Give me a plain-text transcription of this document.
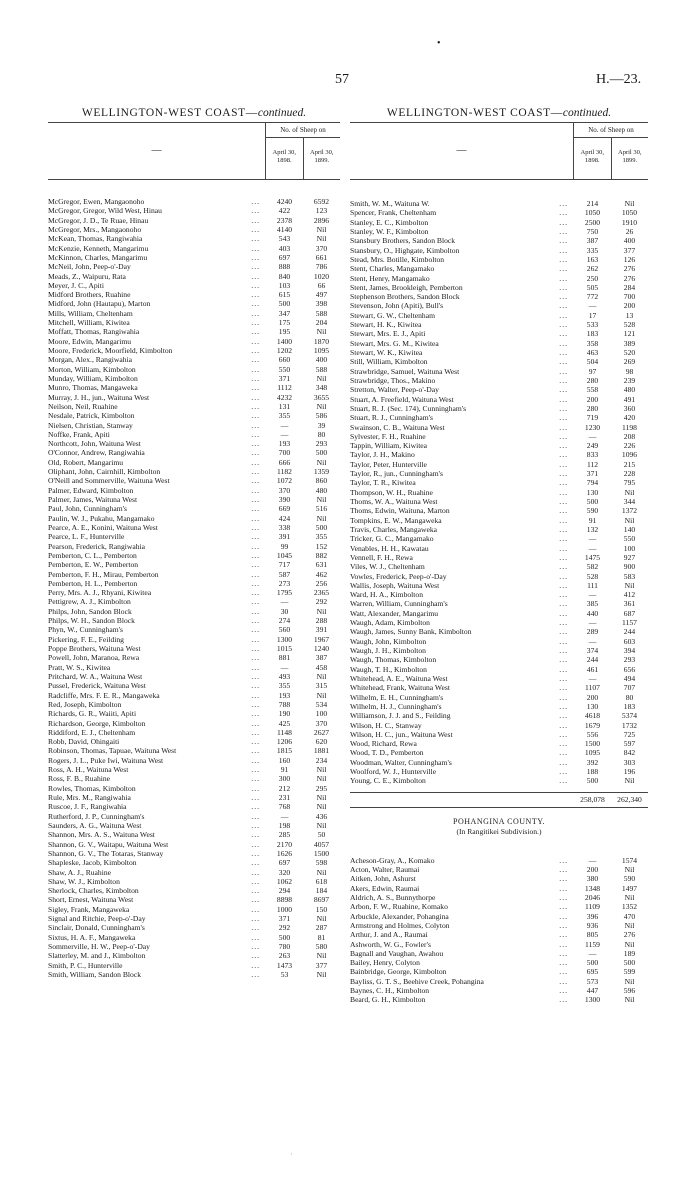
•
57	H.—23.
WELLINGTON-WEST COAST—continued.
—
No. of Sheep on
April 30, 1898.
April 30, 1899.
McGregor, Ewen, Mangaonoho	...	4240	6592
McGregor, Gregor, Wild West, Hinau	...	422	123
McGregor, J. D., Te Ruae, Hinau	...	2378	2896
McGregor, Mrs., Mangaonoho	...	4140	Nil
McKean, Thomas, Rangiwahia	...	543	Nil
McKenzie, Kenneth, Mangarimu	...	403	370
McKinnon, Charles, Mangarimu	...	697	661
McNeil, John, Peep-o'-Day	...	888	786
Meads, Z., Waipuru, Rata	...	840	1020
Meyer, J. C., Apiti	...	103	66
Midford Brothers, Ruahine	...	615	497
Midford, John (Hautapu), Marton	...	500	398
Mills, William, Cheltenham	...	347	588
Mitchell, William, Kiwitea	...	175	204
Moffatt, Thomas, Rangiwahia	...	195	Nil
Moore, Edwin, Mangarimu	...	1400	1870
Moore, Frederick, Moorfield, Kimbolton	...	1202	1095
Morgan, Alex., Rangiwahia	...	660	400
Morton, William, Kimbolton	...	550	588
Munday, William, Kimbolton	...	371	Nil
Munro, Thomas, Mangaweka	...	1112	348
Murray, J. H., jun., Waituna West	...	4232	3655
Neilson, Neil, Ruahine	...	131	Nil
Nesdale, Patrick, Kimbolton	...	355	586
Nielsen, Christian, Stanway	...	—	39
Noffke, Frank, Apiti	...	—	80
Northcott, John, Waituna West	...	193	293
O'Connor, Andrew, Rangiwahia	...	700	500
Old, Robert, Mangarimu	...	666	Nil
Oliphant, John, Cairnhill, Kimbolton	...	1182	1359
O'Neill and Sommerville, Waituna West	...	1072	860
Palmer, Edward, Kimbolton	...	370	480
Palmer, James, Waituna West	...	390	Nil
Paul, John, Cunningham's	...	669	516
Paulin, W. J., Pukahu, Mangamako	...	424	Nil
Pearce, A. E., Konini, Waituna West	...	338	500
Pearce, L. F., Hunterville	...	391	355
Pearson, Frederick, Rangiwahia	...	99	152
Pemberton, C. L., Pemberton	...	1045	882
Pemberton, E. W., Pemberton	...	717	631
Pemberton, F. H., Mirau, Pemberton	...	587	462
Pemberton, H. L., Pemberton	...	273	256
Perry, Mrs. A. J., Rhyani, Kiwitea	...	1795	2365
Pettigrew, A. J., Kimbolton	...	—	292
Philps, John, Sandon Block	...	30	Nil
Philps, W. H., Sandon Block	...	274	288
Phyn, W., Cunningham's	...	560	391
Pickering, F. E., Feilding	...	1300	1967
Poppe Brothers, Waituna West	...	1015	1240
Powell, John, Maranoa, Rewa	...	881	387
Pratt, W. S., Kiwitea	...	—	458
Pritchard, W. A., Waituna West	...	493	Nil
Pussel, Frederick, Waituna West	...	355	315
Radcliffe, Mrs. F. E. R., Mangaweka	...	193	Nil
Red, Joseph, Kimbolton	...	788	534
Richards, G. R., Waiiti, Apiti	...	190	100
Richardson, George, Kimbolton	...	425	370
Riddiford, E. J., Cheltenham	...	1148	2627
Robb, David, Ohingaiti	...	1206	620
Robinson, Thomas, Tapuae, Waituna West	...	1815	1881
Rogers, J. L., Puke Iwi, Waituna West	...	160	234
Ross, A. H., Waituna West	...	91	Nil
Ross, F. B., Ruahine	...	300	Nil
Rowles, Thomas, Kimbolton	...	212	295
Rule, Mrs. M., Rangiwahia	...	231	Nil
Ruscoe, J. F., Rangiwahia	...	768	Nil
Rutherford, J. P., Cunningham's	...	—	436
Saunders, A. G., Waituna West	...	198	Nil
Shannon, Mrs. A. S., Waituna West	...	285	50
Shannon, G. V., Waitapu, Waituna West	...	2170	4057
Shannon, G. V., The Totaras, Stanway	...	1626	1500
Shapleske, Jacob, Kimbolton	...	697	598
Shaw, A. J., Ruahine	...	320	Nil
Shaw, W. J., Kimbolton	...	1062	618
Sherlock, Charles, Kimbolton	...	294	184
Short, Ernest, Waituna West	...	8898	8697
Sigley, Frank, Mangaweka	...	1000	150
Signal and Ritchie, Peep-o'-Day	...	371	Nil
Sinclair, Donald, Cunningham's	...	292	287
Sixtus, H. A. F., Mangaweka	...	500	81
Sommerville, H. W., Peep-o'-Day	...	780	580
Slatterley, M. and J., Kimbolton	...	263	Nil
Smith, P. C., Hunterville	...	1473	377
Smith, William, Sandon Block	...	53	Nil
WELLINGTON-WEST COAST—continued.
—
No. of Sheep on
April 30, 1898.
April 30, 1899.
Smith, W. M., Waituna W.	...	214	Nil
Spencer, Frank, Cheltenham	...	1050	1050
Stanley, E. C., Kimbolton	...	2500	1910
Stanley, W. F., Kimbolton	...	750	26
Stansbury Brothers, Sandon Block	...	387	400
Stansbury, O., Highgate, Kimbolton	...	335	377
Stead, Mrs. Botille, Kimbolton	...	163	126
Stent, Charles, Mangamako	...	262	276
Stent, Henry, Mangamako	...	250	276
Stent, James, Brookleigh, Pemberton	...	505	284
Stephenson Brothers, Sandon Block	...	772	700
Stevenson, John (Apiti), Bull's	...	—	200
Stewart, G. W., Cheltenham	...	17	13
Stewart, H. K., Kiwitea	...	533	528
Stewart, Mrs. E. J., Apiti	...	183	121
Stewart, Mrs. G. M., Kiwitea	...	358	389
Stewart, W. K., Kiwitea	...	463	520
Still, William, Kimbolton	...	504	269
Strawbridge, Samuel, Waituna West	...	97	98
Strawbridge, Thos., Makino	...	280	239
Stretton, Walter, Peep-o'-Day	...	558	480
Stuart, A. Freefield, Waituna West	...	200	491
Stuart, R. J. (Sec. 174), Cunningham's	...	280	360
Stuart, R. J., Cunningham's	...	719	420
Swainson, C. B., Waituna West	...	1230	1198
Sylvester, F. H., Ruahine	...	—	208
Tappin, William, Kiwitea	...	249	226
Taylor, J. H., Makino	...	833	1096
Taylor, Peter, Hunterville	...	112	215
Taylor, R., jun., Cunningham's	...	371	228
Taylor, T. R., Kiwitea	...	794	795
Thompson, W. H., Ruahine	...	130	Nil
Thoms, W. A., Waituna West	...	500	344
Thoms, Edwin, Waituna, Marton	...	590	1372
Tompkins, E. W., Mangaweka	...	91	Nil
Travis, Charles, Mangaweka	...	132	140
Tricker, G. C., Mangamako	...	—	550
Venables, H. H., Kawatau	...	—	100
Vennell, F. H., Rewa	...	1475	927
Viles, W. J., Cheltenham	...	582	900
Vowles, Frederick, Peep-o'-Day	...	528	583
Wallis, Joseph, Waituna West	...	111	Nil
Ward, H. A., Kimbolton	...	—	412
Warren, William, Cunningham's	...	385	361
Watt, Alexander, Mangarimu	...	440	687
Waugh, Adam, Kimbolton	...	—	1157
Waugh, James, Sunny Bank, Kimbolton	...	289	244
Waugh, John, Kimbolton	...	—	603
Waugh, J. H., Kimbolton	...	374	394
Waugh, Thomas, Kimbolton	...	244	293
Waugh, T. H., Kimbolton	...	461	656
Whitehead, A. E., Waituna West	...	—	494
Whitehead, Frank, Waituna West	...	1107	707
Wilhelm, E. H., Cunningham's	...	200	80
Wilhelm, H. J., Cunningham's	...	130	183
Williamson, J. J. and S., Feilding	...	4618	5374
Wilson, H. C., Stanway	...	1679	1732
Wilson, H. C., jun., Waituna West	...	556	725
Wood, Richard, Rewa	...	1500	597
Wood, T. D., Pemberton	...	1095	842
Woodman, Walter, Cunningham's	...	392	303
Woolford, W. J., Hunterville	...	188	196
Young, C. E., Kimbolton	...	500	Nil
258,078	262,340
POHANGINA COUNTY.
(In Rangitikei Subdivision.)
Acheson-Gray, A., Komako	...	—	1574
Acton, Walter, Raumai	...	200	Nil
Aitken, John, Ashurst	...	380	590
Akers, Edwin, Raumai	...	1348	1497
Aldrich, A. S., Bunnythorpe	...	2046	Nil
Arbon, F. W., Ruahine, Komako	...	1109	1352
Arbuckle, Alexander, Pohangina	...	396	470
Armstrong and Holmes, Colyton	...	936	Nil
Arthur, J. and A., Raumai	...	805	276
Ashworth, W. G., Fowler's	...	1159	Nil
Bagnall and Vaughan, Awahou	...	—	189
Bailey, Henry, Colyton	...	500	500
Bainbridge, George, Kimbolton	...	695	599
Bayliss, G. T. S., Beehive Creek, Pohangina	...	573	Nil
Baynes, C. H., Kimbolton	...	447	596
Beard, G. H., Kimbolton	...	1300	Nil
·
